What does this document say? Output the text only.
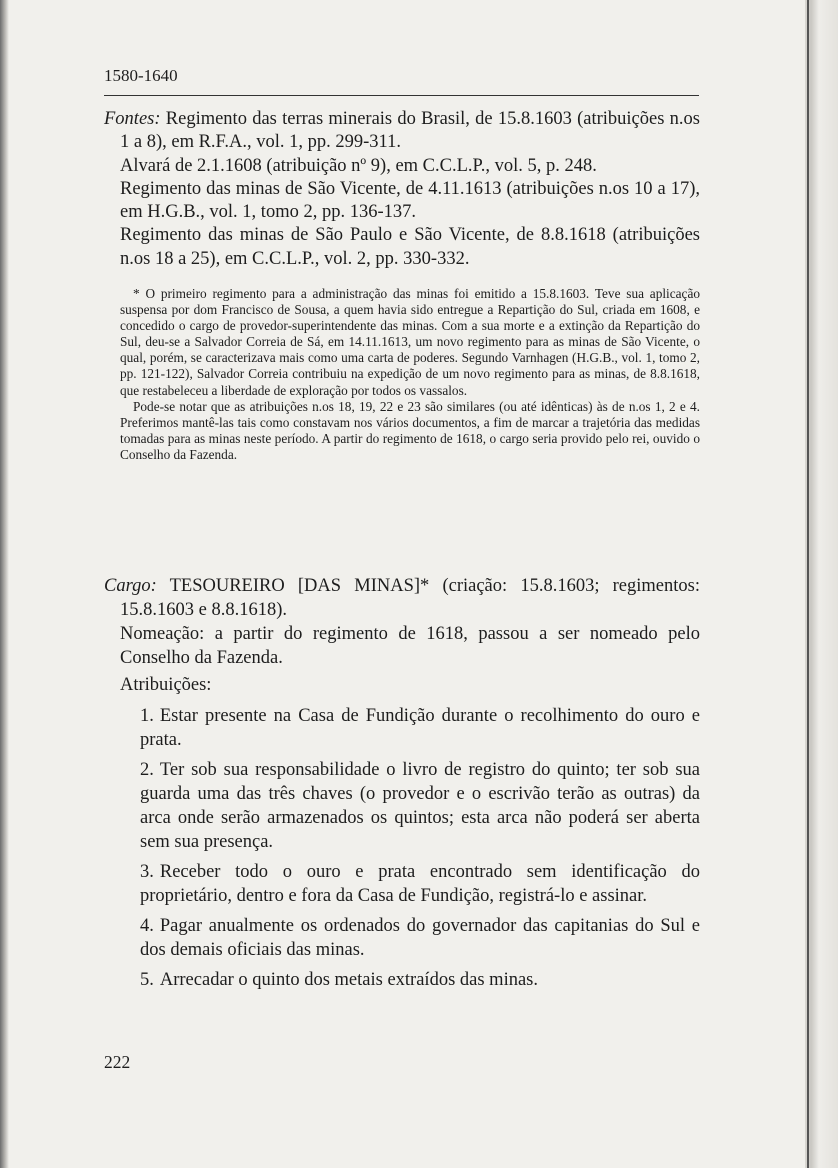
1580-1640

Fontes: Regimento das terras minerais do Brasil, de 15.8.1603 (atribuições n.os 1 a 8), em R.F.A., vol. 1, pp. 299-311.

Alvará de 2.1.1608 (atribuição nº 9), em C.C.L.P., vol. 5, p. 248.

Regimento das minas de São Vicente, de 4.11.1613 (atribuições n.os 10 a 17), em H.G.B., vol. 1, tomo 2, pp. 136-137.

Regimento das minas de São Paulo e São Vicente, de 8.8.1618 (atribuições n.os 18 a 25), em C.C.L.P., vol. 2, pp. 330-332.

* O primeiro regimento para a administração das minas foi emitido a 15.8.1603. Teve sua aplicação suspensa por dom Francisco de Sousa, a quem havia sido entregue a Repartição do Sul, criada em 1608, e concedido o cargo de provedor-superintendente das minas. Com a sua morte e a extinção da Repartição do Sul, deu-se a Salvador Correia de Sá, em 14.11.1613, um novo regimento para as minas de São Vicente, o qual, porém, se caracterizava mais como uma carta de poderes. Segundo Varnhagen (H.G.B., vol. 1, tomo 2, pp. 121-122), Salvador Correia contribuiu na expedição de um novo regimento para as minas, de 8.8.1618, que restabeleceu a liberdade de exploração por todos os vassalos.

Pode-se notar que as atribuições n.os 18, 19, 22 e 23 são similares (ou até idênticas) às de n.os 1, 2 e 4. Preferimos mantê-las tais como constavam nos vários documentos, a fim de marcar a trajetória das medidas tomadas para as minas neste período. A partir do regimento de 1618, o cargo seria provido pelo rei, ouvido o Conselho da Fazenda.

Cargo: TESOUREIRO [DAS MINAS]* (criação: 15.8.1603; regimentos: 15.8.1603 e 8.8.1618).

Nomeação: a partir do regimento de 1618, passou a ser nomeado pelo Conselho da Fazenda.

Atribuições:

1. Estar presente na Casa de Fundição durante o recolhimento do ouro e prata.
2. Ter sob sua responsabilidade o livro de registro do quinto; ter sob sua guarda uma das três chaves (o provedor e o escrivão terão as outras) da arca onde serão armazenados os quintos; esta arca não poderá ser aberta sem sua presença.
3. Receber todo o ouro e prata encontrado sem identificação do proprietário, dentro e fora da Casa de Fundição, registrá-lo e assinar.
4. Pagar anualmente os ordenados do governador das capitanias do Sul e dos demais oficiais das minas.
5. Arrecadar o quinto dos metais extraídos das minas.
222
